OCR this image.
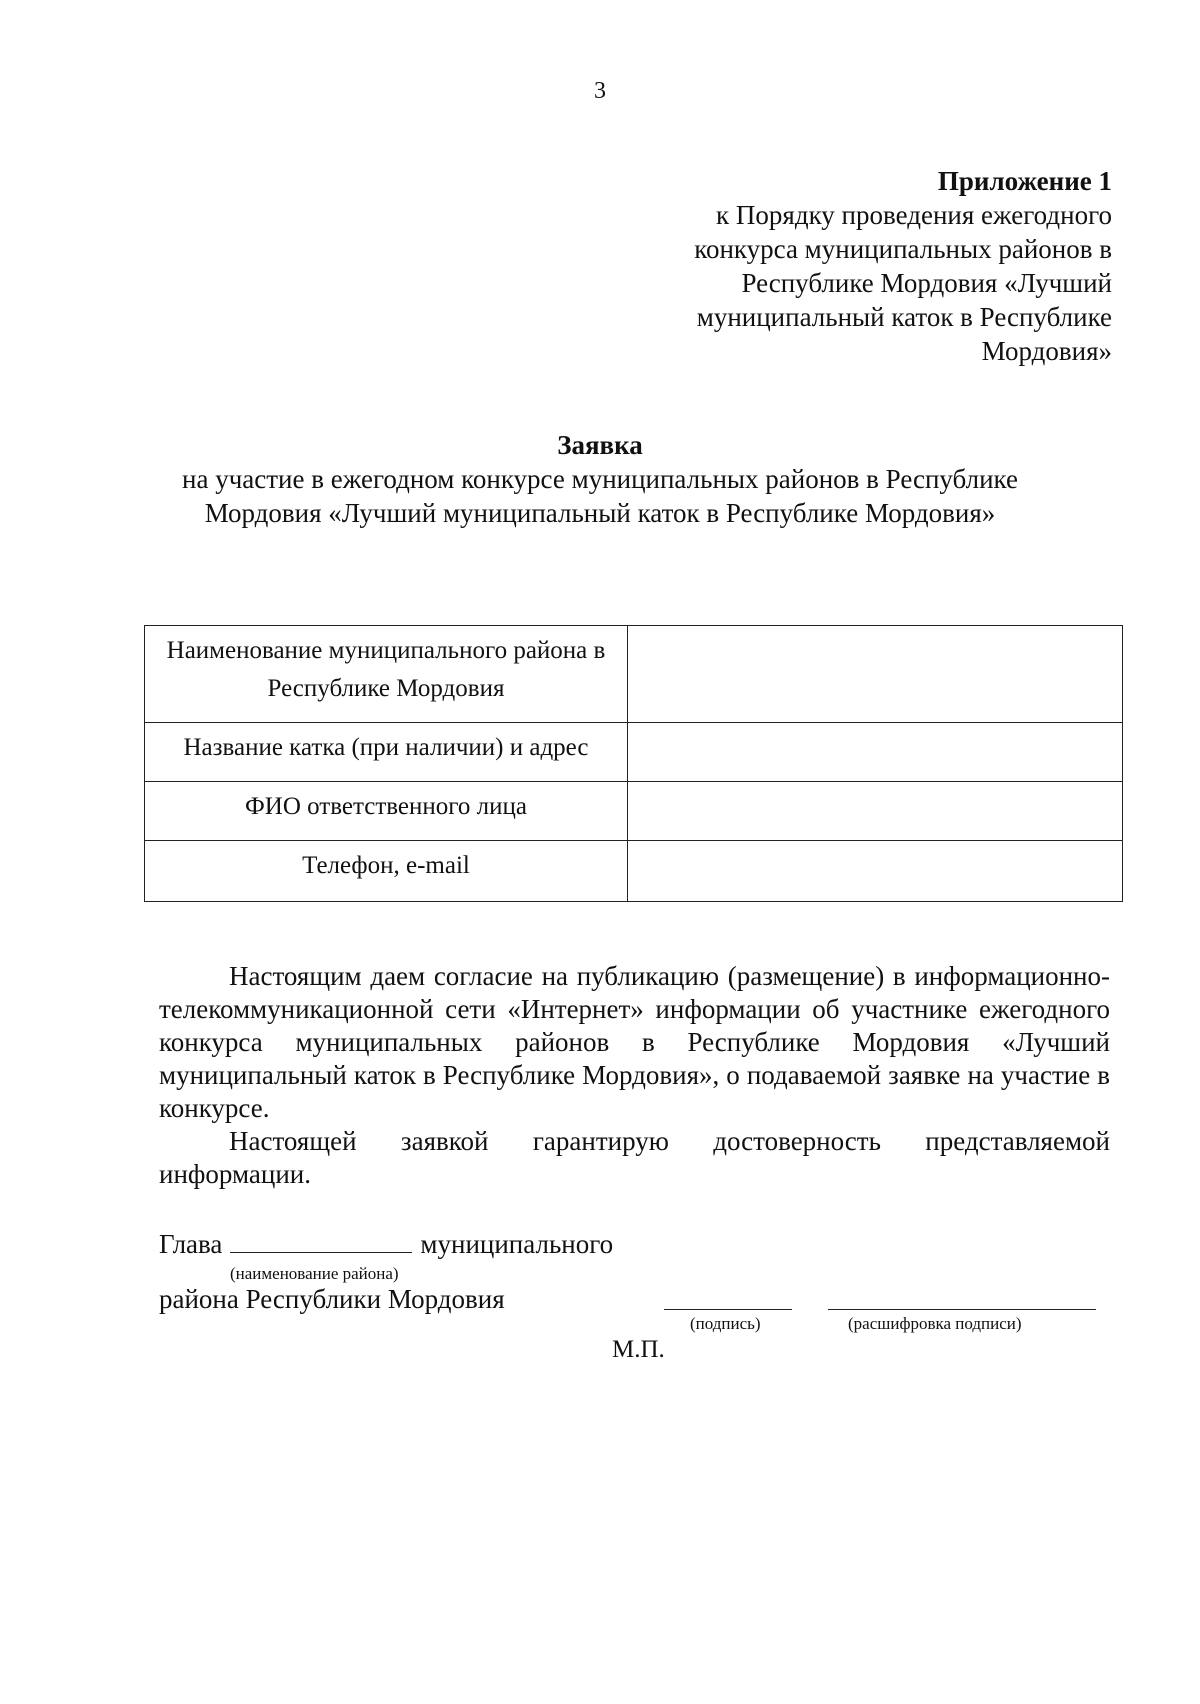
3
Приложение 1
к Порядку проведения ежегодного
конкурса муниципальных районов в
Республике Мордовия «Лучший
муниципальный каток в Республике
Мордовия»
Заявка
на участие в ежегодном конкурсе муниципальных районов в Республике
Мордовия «Лучший муниципальный каток в Республике Мордовия»
Наименование муниципального района в
Республике Мордовия	

Название катка (при наличии) и адрес	
ФИО ответственного лица	
Телефон, e-mail	

Настоящим даем согласие на публикацию (размещение) в информационно-телекоммуникационной сети «Интернет» информации об участнике ежегодного конкурса муниципальных районов в Республике Мордовия «Лучший муниципальный каток в Республике Мордовия», о подаваемой заявке на участие в конкурсе.

Настоящей заявкой гарантирую достоверность представляемой информации.

Глава	муниципального
(наименование района)
района Республики Мордовия
(подпись)	(расшифровка подписи)
М.П.
